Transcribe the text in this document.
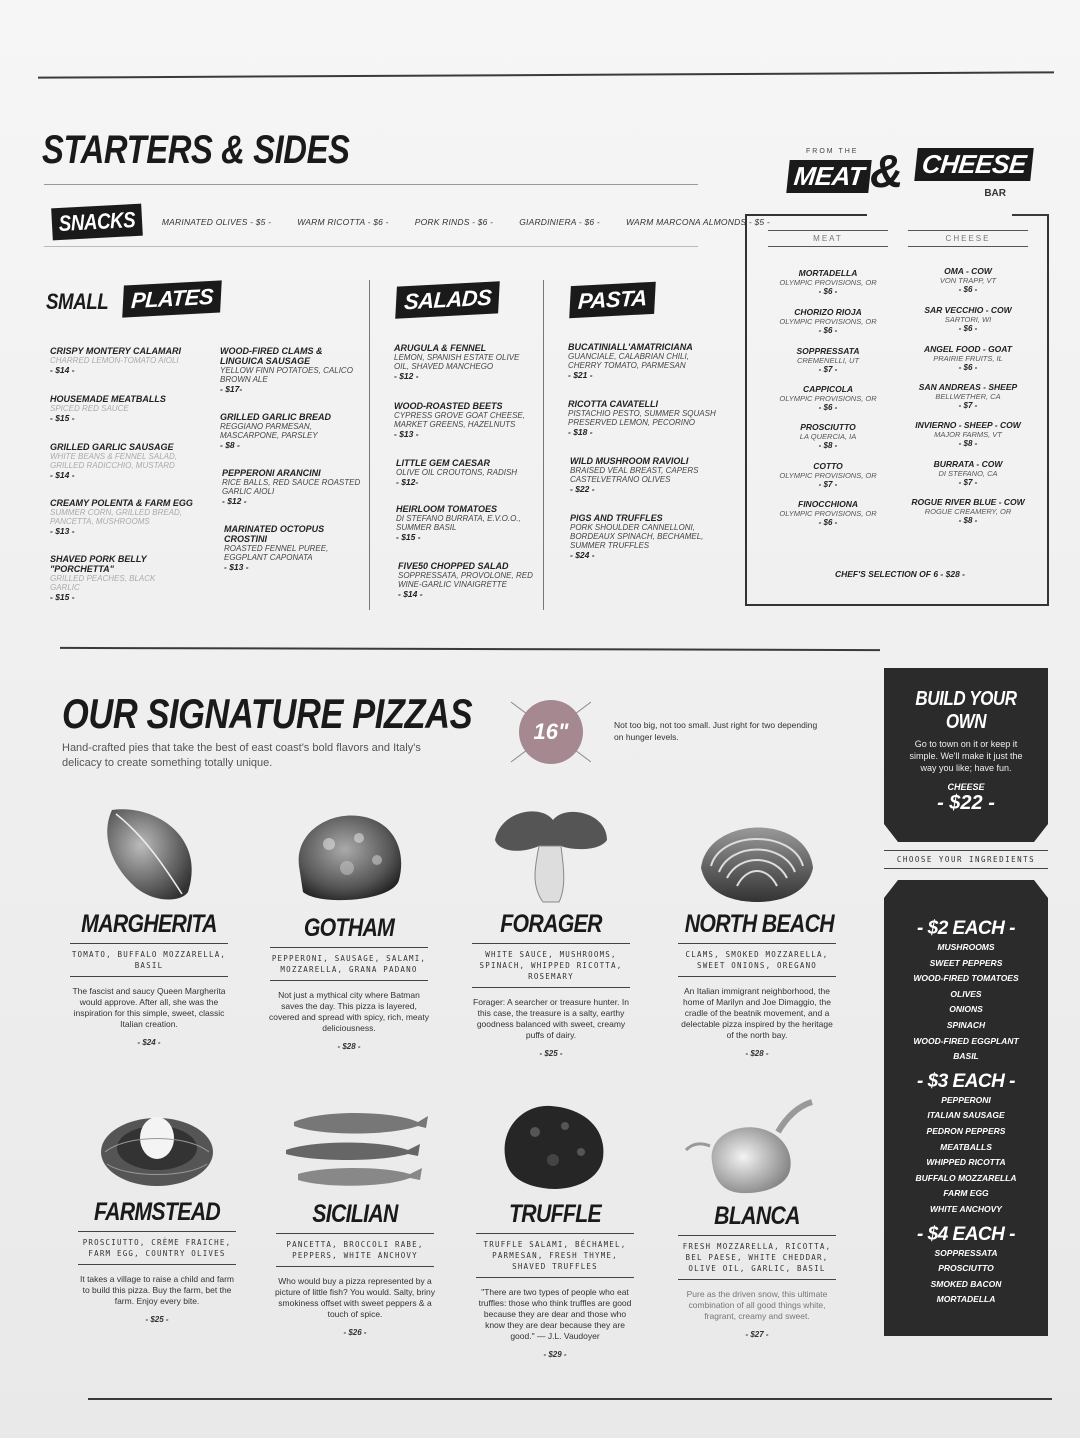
STARTERS & SIDES
SNACKS	MARINATED OLIVES - $5 -	WARM RICOTTA - $6 -	PORK RINDS - $6 -	GIARDINIERA - $6 -	WARM MARCONA ALMONDS - $5 -
SMALL	PLATES
CRISPY MONTERY CALAMARI
CHARRED LEMON-TOMATO AIOLI
- $14 -
HOUSEMADE MEATBALLS
SPICED RED SAUCE
- $15 -
GRILLED GARLIC SAUSAGE
WHITE BEANS & FENNEL SALAD, GRILLED RADICCHIO, MUSTARD
- $14 -
CREAMY POLENTA & FARM EGG
SUMMER CORN, GRILLED BREAD, PANCETTA, MUSHROOMS
- $13 -
SHAVED PORK BELLY "PORCHETTA"
GRILLED PEACHES, BLACK GARLIC
- $15 -
WOOD-FIRED CLAMS & LINGUICA SAUSAGE
YELLOW FINN POTATOES, CALICO BROWN ALE
- $17-
GRILLED GARLIC BREAD
REGGIANO PARMESAN, MASCARPONE, PARSLEY
- $8 -
PEPPERONI ARANCINI
RICE BALLS, RED SAUCE ROASTED GARLIC AIOLI
- $12 -
MARINATED OCTOPUS CROSTINI
ROASTED FENNEL PUREE, EGGPLANT CAPONATA
- $13 -
SALADS
ARUGULA & FENNEL
LEMON, SPANISH ESTATE OLIVE OIL, SHAVED MANCHEGO
- $12 -
WOOD-ROASTED BEETS
CYPRESS GROVE GOAT CHEESE, MARKET GREENS, HAZELNUTS
- $13 -
LITTLE GEM CAESAR
OLIVE OIL CROUTONS, RADISH
- $12-
HEIRLOOM TOMATOES
DI STEFANO BURRATA, E.V.O.O., SUMMER BASIL
- $15 -
FIVE50 CHOPPED SALAD
SOPPRESSATA, PROVOLONE, RED WINE-GARLIC VINAIGRETTE
- $14 -
PASTA
BUCATINIALL'AMATRICIANA
GUANCIALE, CALABRIAN CHILI, CHERRY TOMATO, PARMESAN
- $21 -
RICOTTA CAVATELLI
PISTACHIO PESTO, SUMMER SQUASH PRESERVED LEMON, PECORINO
- $18 -
WILD MUSHROOM RAVIOLI
BRAISED VEAL BREAST, CAPERS CASTELVETRANO OLIVES
- $22 -
PIGS AND TRUFFLES
PORK SHOULDER CANNELLONI, BORDEAUX SPINACH, BECHAMEL, SUMMER TRUFFLES
- $24 -
FROM THE
MEAT & CHEESE
BAR
MEAT	CHEESE
MORTADELLA
OLYMPIC PROVISIONS, OR
- $6 -
CHORIZO RIOJA
OLYMPIC PROVISIONS, OR
- $6 -
SOPPRESSATA
CREMENELLI, UT
- $7 -
CAPPICOLA
OLYMPIC PROVISIONS, OR
- $6 -
PROSCIUTTO
LA QUERCIA, IA
- $8 -
COTTO
OLYMPIC PROVISIONS, OR
- $7 -
FINOCCHIONA
OLYMPIC PROVISIONS, OR
- $6 -
OMA - COW
VON TRAPP, VT
- $6 -
SAR VECCHIO - COW
SARTORI, WI
- $6 -
ANGEL FOOD - GOAT
PRAIRIE FRUITS, IL
- $6 -
SAN ANDREAS - SHEEP
BELLWETHER, CA
- $7 -
INVIERNO - SHEEP - COW
MAJOR FARMS, VT
- $8 -
BURRATA - COW
DI STEFANO, CA
- $7 -
ROGUE RIVER BLUE - COW
ROGUE CREAMERY, OR
- $8 -
CHEF'S SELECTION OF 6 - $28 -
OUR SIGNATURE PIZZAS
Hand-crafted pies that take the best of east coast's bold flavors and Italy's delicacy to create something totally unique.
16"	Not too big, not too small. Just right for two depending on hunger levels.
MARGHERITA
TOMATO, BUFFALO MOZZARELLA, BASIL
The fascist and saucy Queen Margherita would approve. After all, she was the inspiration for this simple, sweet, classic Italian creation.
- $24 -
GOTHAM
PEPPERONI, SAUSAGE, SALAMI, MOZZARELLA, GRANA PADANO
Not just a mythical city where Batman saves the day. This pizza is layered, covered and spread with spicy, rich, meaty deliciousness.
- $28 -
FORAGER
WHITE SAUCE, MUSHROOMS, SPINACH, WHIPPED RICOTTA, ROSEMARY
Forager: A searcher or treasure hunter. In this case, the treasure is a salty, earthy goodness balanced with sweet, creamy puffs of dairy.
- $25 -
NORTH BEACH
CLAMS, SMOKED MOZZARELLA, SWEET ONIONS, OREGANO
An Italian immigrant neighborhood, the home of Marilyn and Joe Dimaggio, the cradle of the beatnik movement, and a delectable pizza inspired by the heritage of the north bay.
- $28 -
FARMSTEAD
PROSCIUTTO, CRÈME FRAICHE, FARM EGG, COUNTRY OLIVES
It takes a village to raise a child and farm to build this pizza. Buy the farm, bet the farm. Enjoy every bite.
- $25 -
SICILIAN
PANCETTA, BROCCOLI RABE, PEPPERS, WHITE ANCHOVY
Who would buy a pizza represented by a picture of little fish? You would. Salty, briny smokiness offset with sweet peppers & a touch of spice.
- $26 -
TRUFFLE
TRUFFLE SALAMI, BÉCHAMEL, PARMESAN, FRESH THYME, SHAVED TRUFFLES
"There are two types of people who eat truffles: those who think truffles are good because they are dear and those who know they are dear because they are good." — J.L. Vaudoyer
- $29 -
BLANCA
FRESH MOZZARELLA, RICOTTA, BEL PAESE, WHITE CHEDDAR, OLIVE OIL, GARLIC, BASIL
Pure as the driven snow, this ultimate combination of all good things white, fragrant, creamy and sweet.
- $27 -
BUILD YOUR OWN
Go to town on it or keep it simple. We'll make it just the way you like; have fun.
CHEESE
- $22 -
CHOOSE YOUR INGREDIENTS
- $2 EACH -
MUSHROOMS
SWEET PEPPERS
WOOD-FIRED TOMATOES
OLIVES
ONIONS
SPINACH
WOOD-FIRED EGGPLANT
BASIL
- $3 EACH -
PEPPERONI
ITALIAN SAUSAGE
PEDRON PEPPERS
MEATBALLS
WHIPPED RICOTTA
BUFFALO MOZZARELLA
FARM EGG
WHITE ANCHOVY
- $4 EACH -
SOPPRESSATA
PROSCIUTTO
SMOKED BACON
MORTADELLA
